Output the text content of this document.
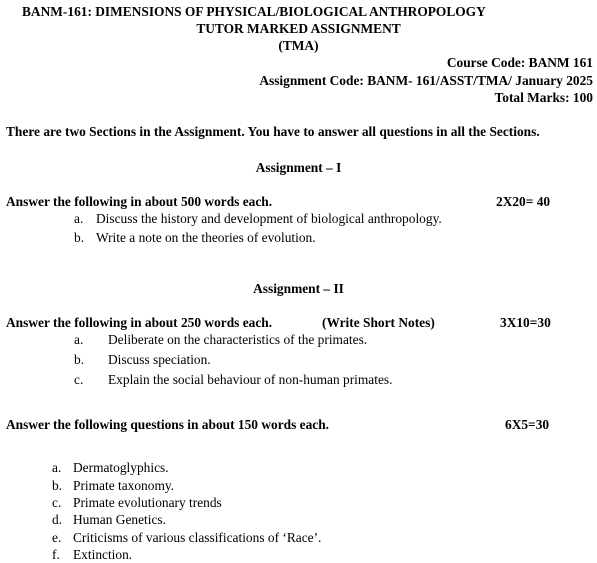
BANM-161: DIMENSIONS OF PHYSICAL/BIOLOGICAL ANTHROPOLOGY
TUTOR MARKED ASSIGNMENT
(TMA)
Course Code: BANM 161
Assignment Code: BANM- 161/ASST/TMA/ January 2025
Total Marks: 100
There are two Sections in the Assignment. You have to answer all questions in all the Sections.
Assignment – I
Answer the following in about 500 words each.	2X20= 40
a. Discuss the history and development of biological anthropology.
b. Write a note on the theories of evolution.
Assignment – II
Answer the following in about 250 words each.	(Write Short Notes)	3X10=30
a. Deliberate on the characteristics of the primates.
b. Discuss speciation.
c. Explain the social behaviour of non-human primates.
Answer the following questions in about 150 words each.	6X5=30
a. Dermatoglyphics.
b. Primate taxonomy.
c. Primate evolutionary trends
d. Human Genetics.
e. Criticisms of various classifications of ‘Race’.
f. Extinction.
